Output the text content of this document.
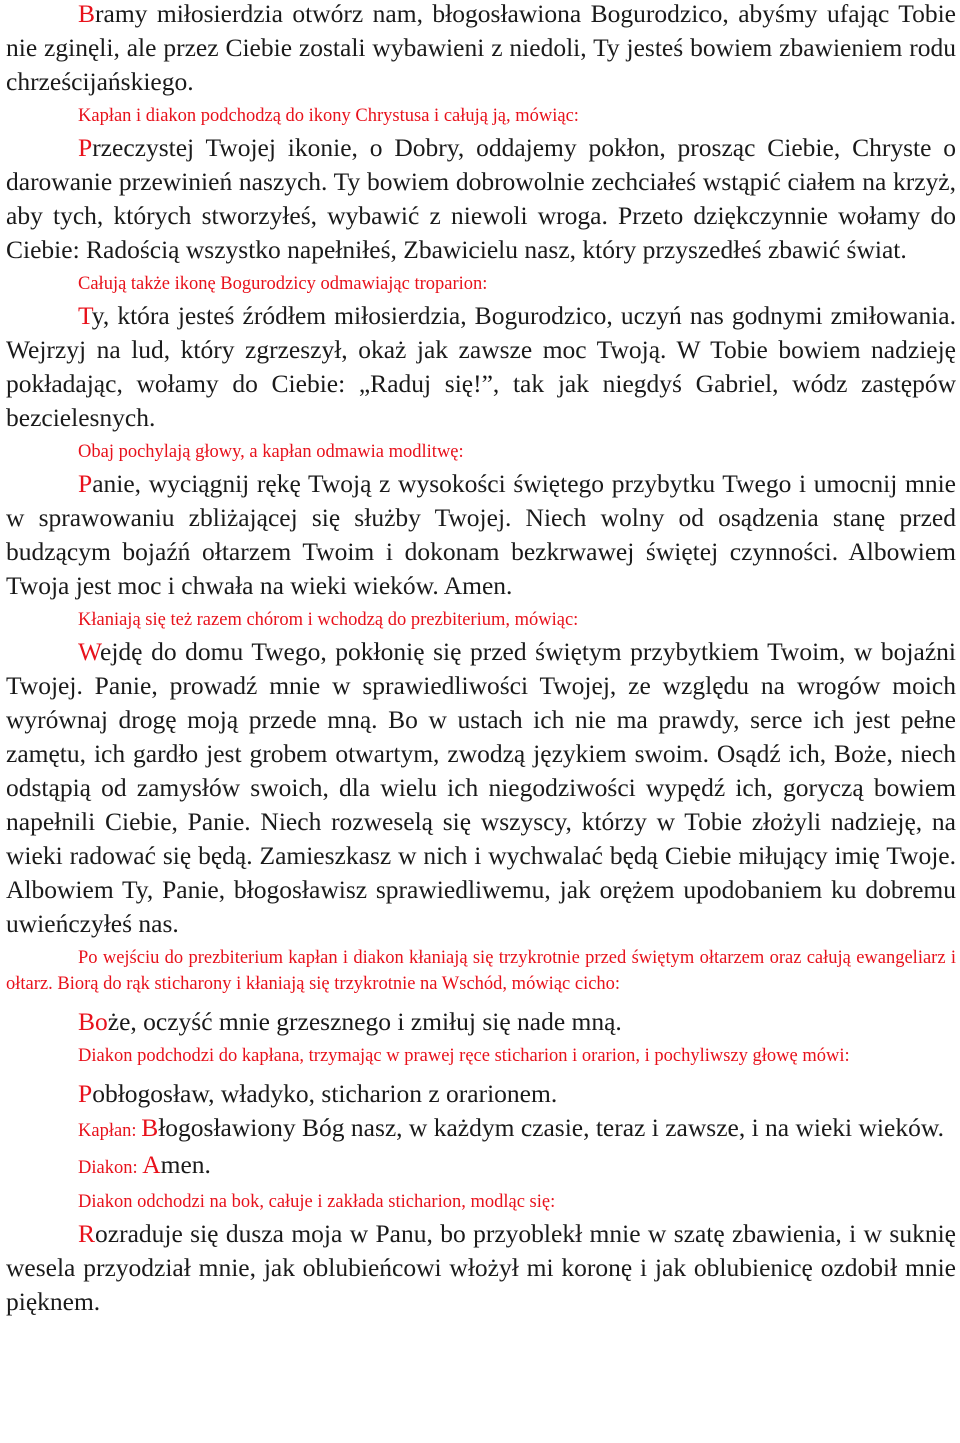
Bramy miłosierdzia otwórz nam, błogosławiona Bogurodzico, abyśmy ufając Tobie nie zginęli, ale przez Ciebie zostali wybawieni z niedoli, Ty jesteś bowiem zbawieniem rodu chrześcijańskiego.

Kapłan i diakon podchodzą do ikony Chrystusa i całują ją, mówiąc:

Przeczystej Twojej ikonie, o Dobry, oddajemy pokłon, prosząc Ciebie, Chryste o darowanie przewinień naszych. Ty bowiem dobrowolnie zechciałeś wstąpić ciałem na krzyż, aby tych, których stworzyłeś, wybawić z niewoli wroga. Przeto dziękczynnie wołamy do Ciebie: Radością wszystko napełniłeś, Zbawicielu nasz, który przyszedłeś zbawić świat.

Całują także ikonę Bogurodzicy odmawiając troparion:

Ty, która jesteś źródłem miłosierdzia, Bogurodzico, uczyń nas godnymi zmiłowania. Wejrzyj na lud, który zgrzeszył, okaż jak zawsze moc Twoją. W Tobie bowiem nadzieję pokładając, wołamy do Ciebie: „Raduj się!”, tak jak niegdyś Gabriel, wódz zastępów bezcielesnych.

Obaj pochylają głowy, a kapłan odmawia modlitwę:

Panie, wyciągnij rękę Twoją z wysokości świętego przybytku Twego i umocnij mnie w sprawowaniu zbliżającej się służby Twojej. Niech wolny od osądzenia stanę przed budzącym bojaźń ołtarzem Twoim i dokonam bezkrwawej świętej czynności. Albowiem Twoja jest moc i chwała na wieki wieków. Amen.

Kłaniają się też razem chórom i wchodzą do prezbiterium, mówiąc:

Wejdę do domu Twego, pokłonię się przed świętym przybytkiem Twoim, w bojaźni Twojej. Panie, prowadź mnie w sprawiedliwości Twojej, ze względu na wrogów moich wyrównaj drogę moją przede mną. Bo w ustach ich nie ma prawdy, serce ich jest pełne zamętu, ich gardło jest grobem otwartym, zwodzą językiem swoim. Osądź ich, Boże, niech odstąpią od zamysłów swoich, dla wielu ich niegodziwości wypędź ich, goryczą bowiem napełnili Ciebie, Panie. Niech rozweselą się wszyscy, którzy w Tobie złożyli nadzieję, na wieki radować się będą. Zamieszkasz w nich i wychwalać będą Ciebie miłujący imię Twoje. Albowiem Ty, Panie, błogosławisz sprawiedliwemu, jak orężem upodobaniem ku dobremu uwieńczyłeś nas.

Po wejściu do prezbiterium kapłan i diakon kłaniają się trzykrotnie przed świętym ołtarzem oraz całują ewangeliarz i ołtarz. Biorą do rąk sticharony i kłaniają się trzykrotnie na Wschód, mówiąc cicho:

Boże, oczyść mnie grzesznego i zmiłuj się nade mną.

Diakon podchodzi do kapłana, trzymając w prawej ręce sticharion i orarion, i pochyliwszy głowę mówi:

Pobłogosław, władyko, sticharion z orarionem.

Kapłan: Błogosławiony Bóg nasz, w każdym czasie, teraz i zawsze, i na wieki wieków.

Diakon: Amen.

Diakon odchodzi na bok, całuje i zakłada sticharion, modląc się:

Rozraduje się dusza moja w Panu, bo przyoblekł mnie w szatę zbawienia, i w suknię wesela przyodział mnie, jak oblubieńcowi włożył mi koronę i jak oblubienicę ozdobił mnie pięknem.
